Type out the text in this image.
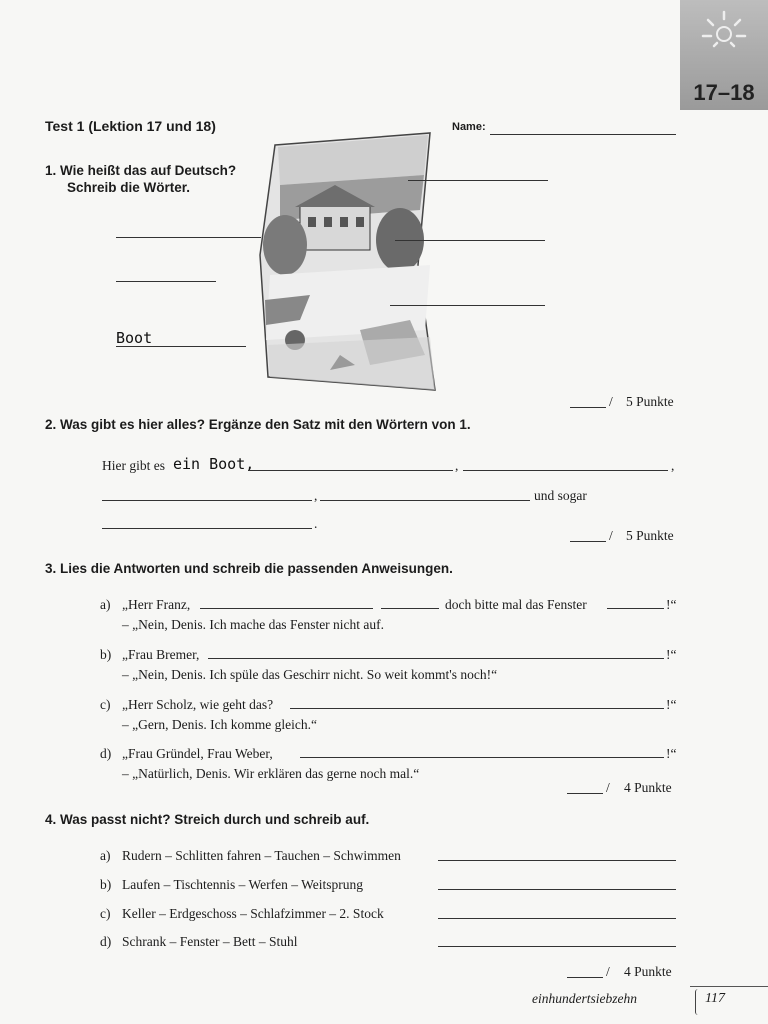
17–18
Test 1 (Lektion 17 und 18)	Name:
1. Wie heißt das auf Deutsch?
Schreib die Wörter.
Boot
/ 5 Punkte
2. Was gibt es hier alles? Ergänze den Satz mit den Wörtern von 1.
Hier gibt es ein Boot,	,	,
,	und sogar
.
/ 5 Punkte
3. Lies die Antworten und schreib die passenden Anweisungen.
a) „Herr Franz,	doch bitte mal das Fenster	!“
– „Nein, Denis. Ich mache das Fenster nicht auf.
b) „Frau Bremer,	!“
– „Nein, Denis. Ich spüle das Geschirr nicht. So weit kommt's noch!“
c) „Herr Scholz, wie geht das?	!“
– „Gern, Denis. Ich komme gleich.“
d) „Frau Gründel, Frau Weber,	!“
– „Natürlich, Denis. Wir erklären das gerne noch mal.“
/ 4 Punkte
4. Was passt nicht? Streich durch und schreib auf.
a) Rudern – Schlitten fahren – Tauchen – Schwimmen
b) Laufen – Tischtennis – Werfen – Weitsprung
c) Keller – Erdgeschoss – Schlafzimmer – 2. Stock
d) Schrank – Fenster – Bett – Stuhl
/ 4 Punkte
einhundertsiebzehn	117
